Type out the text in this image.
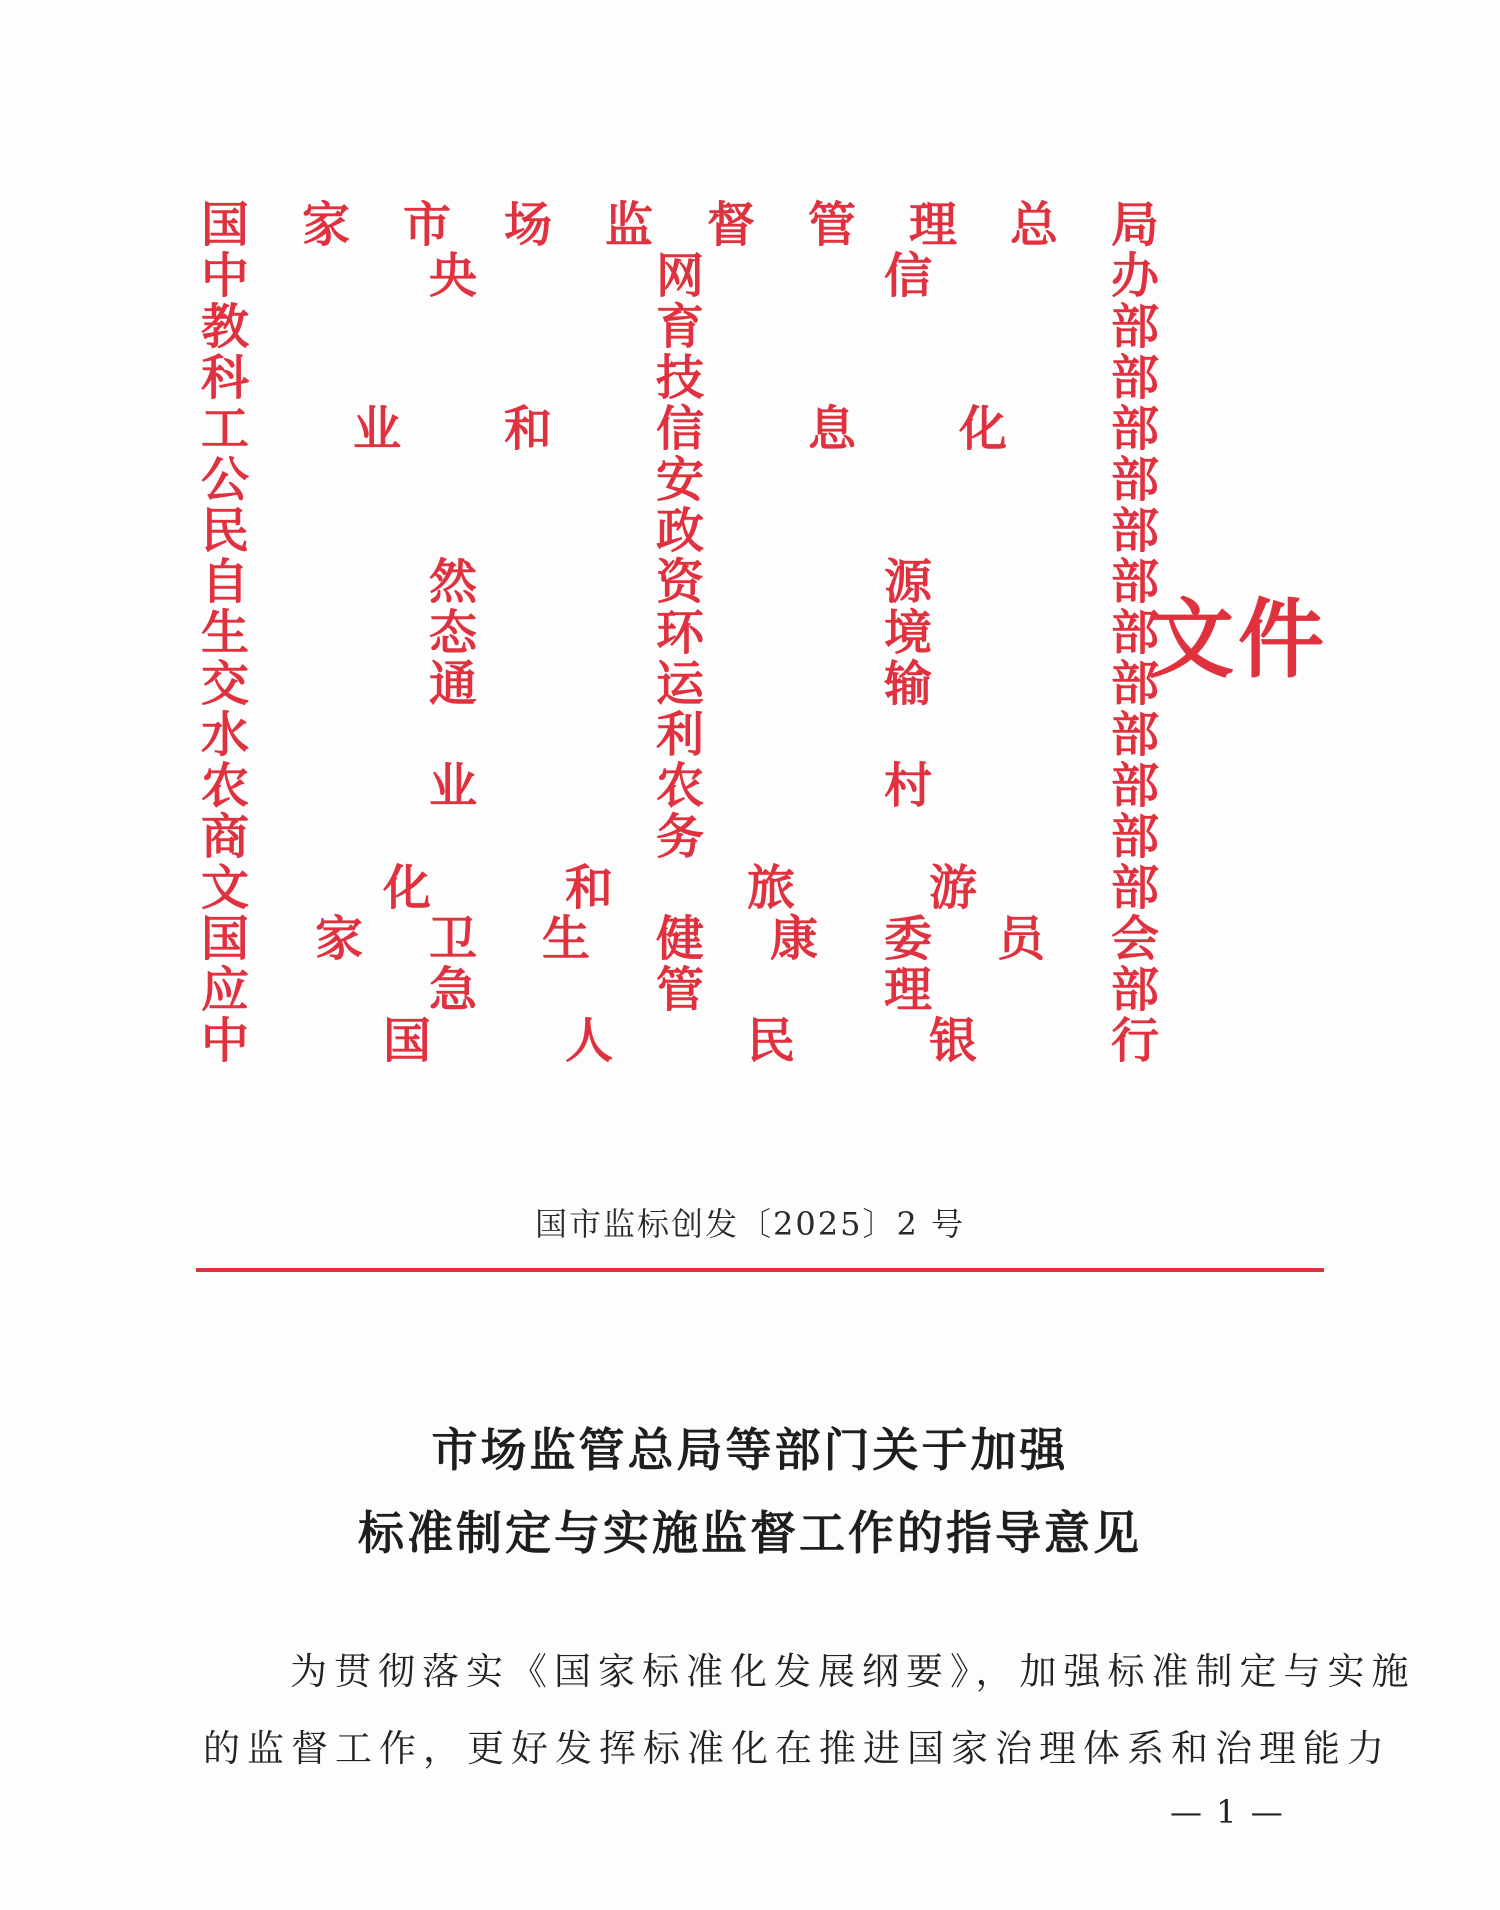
国 家 市 场 监 督 管 理 总 局
中	央	网	信	办
教	育	部
科	技	部
工 业 和 信 息 化 部
公	安	部
民	政	部
自	然	资	源	部
生	态	环	境	部
交	通	运	输	部
水	利	部
农	业	农	村	部
商	务	部
文	化	和	旅	游	部
国 家 卫 生 健 康 委 员 会
应	急	管	理	部
中	国	人	民	银	行
文件
国市监标创发〔2025〕2 号
市场监管总局等部门关于加强
标准制定与实施监督工作的指导意见
为贯彻落实《国家标准化发展纲要》，加强标准制定与实施
的监督工作，更好发挥标准化在推进国家治理体系和治理能力
— 1 —
